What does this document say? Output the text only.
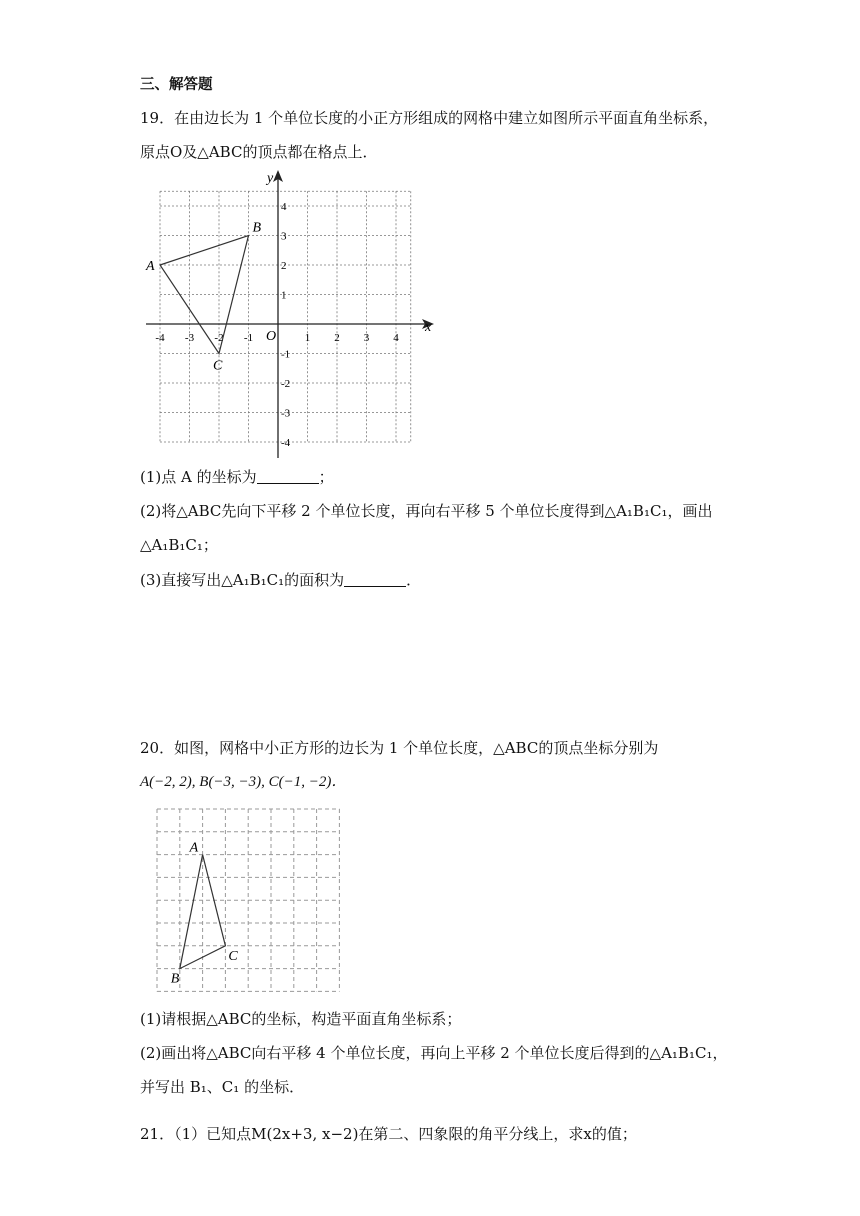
三、解答题
19．在由边长为 1 个单位长度的小正方形组成的网格中建立如图所示平面直角坐标系，
原点O及△ABC的顶点都在格点上．
x
y
O
-4 -3 -2 -1	1 2 3 4
4
3
2
1
-1
-2
-3
-4
A
B
C
(1)点 A 的坐标为	；
(2)将△ABC先向下平移 2 个单位长度，再向右平移 5 个单位长度得到△A₁B₁C₁，画出
△A₁B₁C₁；
(3)直接写出△A₁B₁C₁的面积为	．
20．如图，网格中小正方形的边长为 1 个单位长度，△ABC的顶点坐标分别为
A(−2, 2), B(−3, −3), C(−1, −2)．
A
B
C
(1)请根据△ABC的坐标，构造平面直角坐标系；
(2)画出将△ABC向右平移 4 个单位长度，再向上平移 2 个单位长度后得到的△A₁B₁C₁，
并写出 B₁、C₁ 的坐标．
21．（1）已知点M(2x+3, x−2)在第二、四象限的角平分线上，求x的值；
